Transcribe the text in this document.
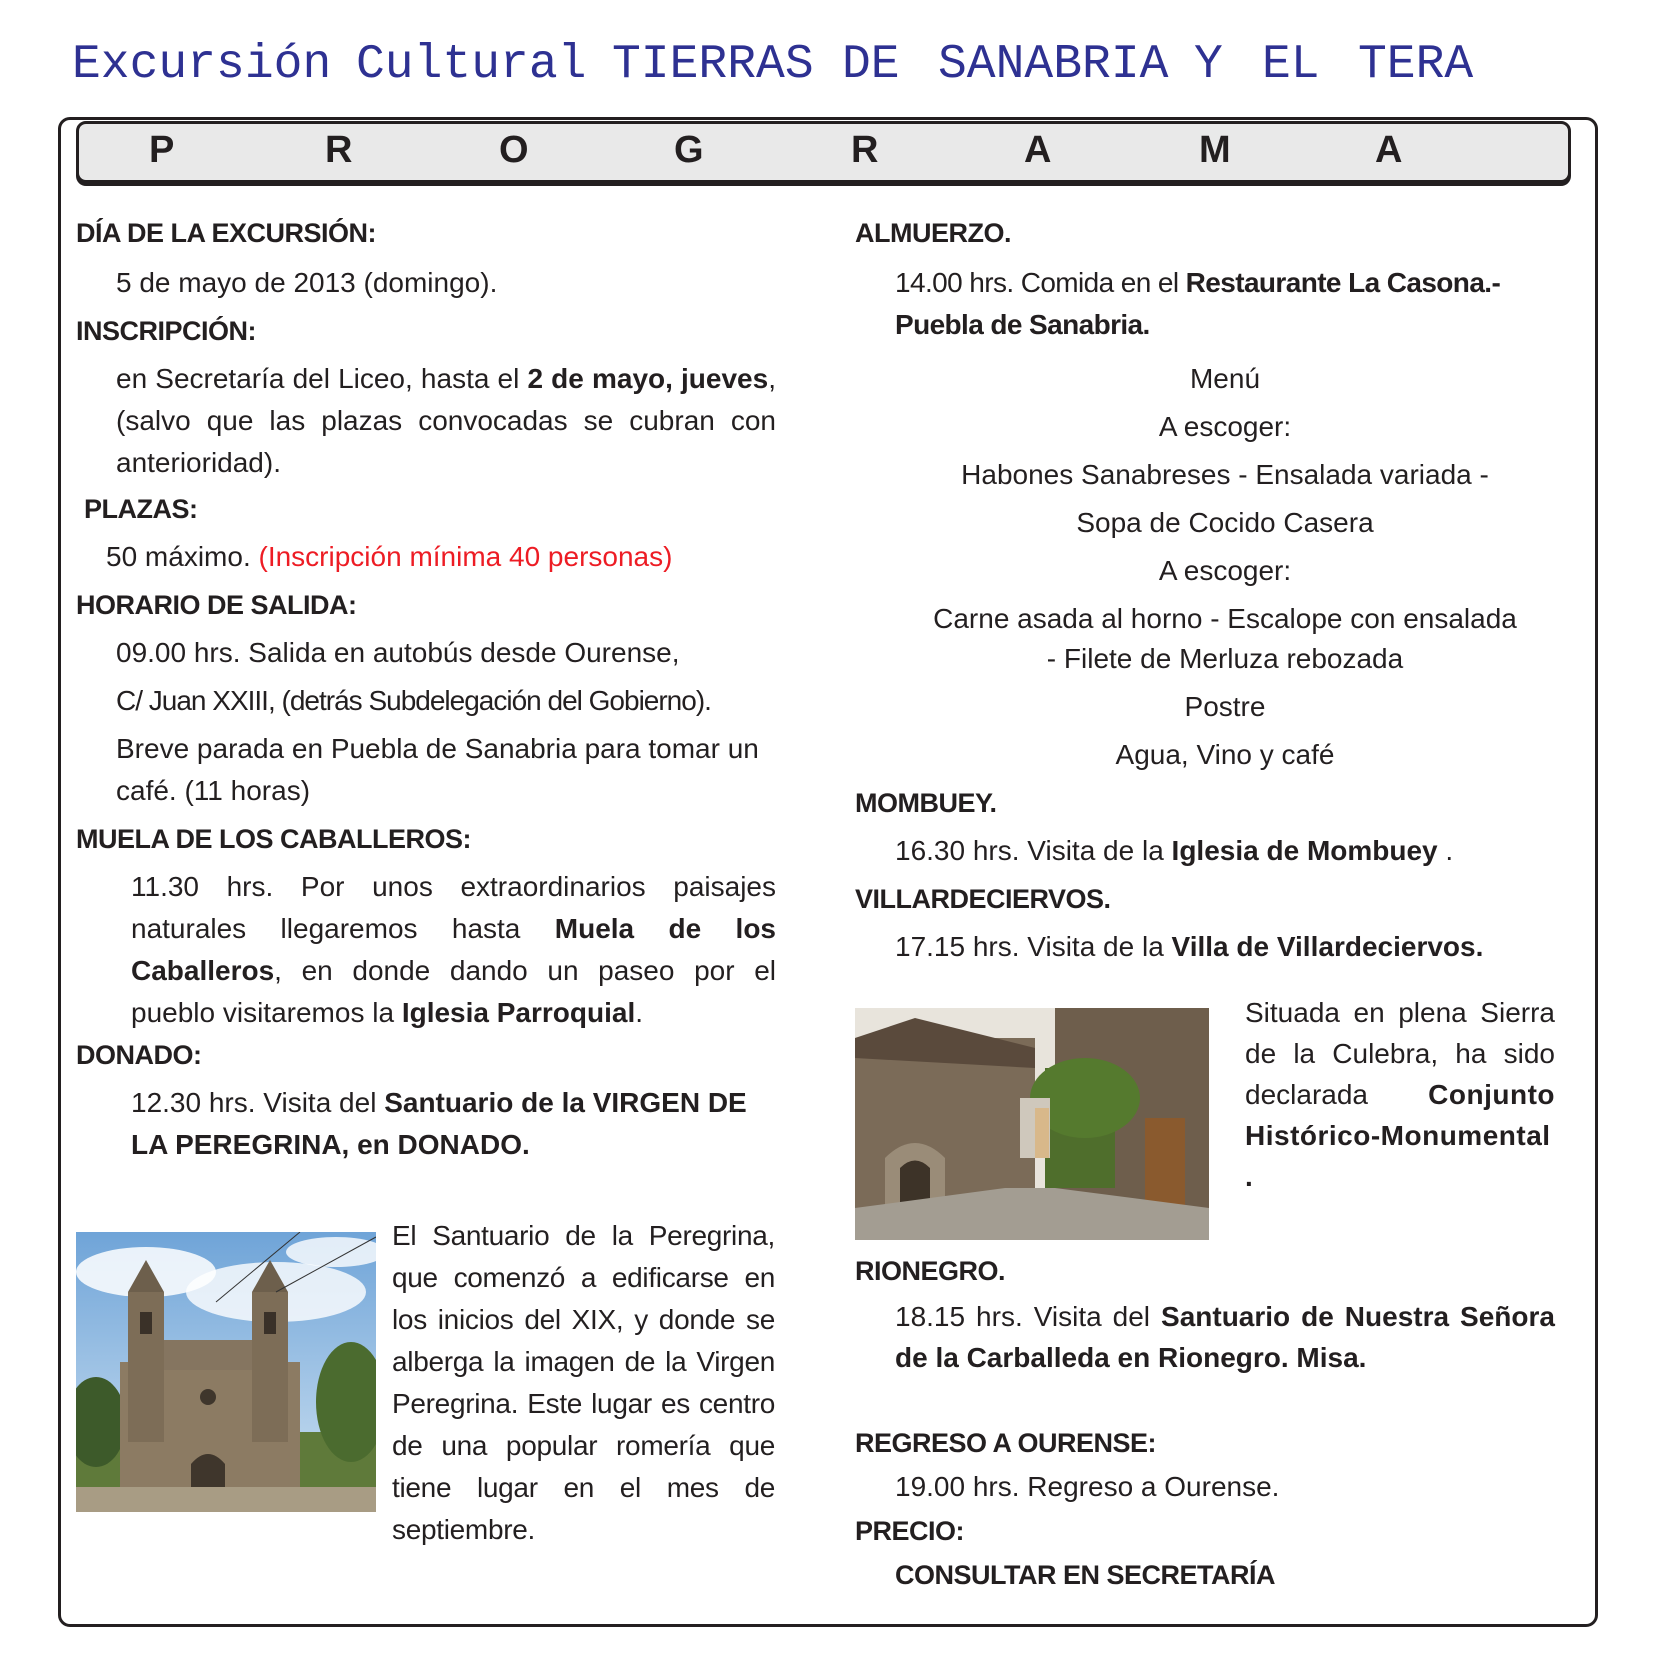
Excursión Cultural TIERRAS DE SANABRIA Y EL TERA
P	R	O	G	R	A	M	A
DÍA DE LA EXCURSIÓN:
5 de mayo de 2013 (domingo).
INSCRIPCIÓN:
en Secretaría del Liceo, hasta el 2 de mayo, jueves, (salvo que las plazas convocadas se cubran con anterioridad).
PLAZAS:
50 máximo. (Inscripción mínima 40 personas)
HORARIO DE SALIDA:
09.00 hrs. Salida en autobús desde Ourense,
C/ Juan XXIII, (detrás Subdelegación del Gobierno).
Breve parada en Puebla de Sanabria para tomar un café. (11 horas)
MUELA DE LOS CABALLEROS:
11.30 hrs. Por unos extraordinarios paisajes naturales llegaremos hasta Muela de los Caballeros, en donde dando un paseo por el pueblo visitaremos la Iglesia Parroquial.
DONADO:
12.30 hrs. Visita del Santuario de la VIRGEN DE LA PEREGRINA, en DONADO.
El Santuario de la Peregrina, que comenzó a edificarse en los inicios del XIX, y donde se alberga la imagen de la Virgen Peregrina. Este lugar es centro de una popular romería que tiene lugar en el mes de septiembre.
ALMUERZO.
14.00 hrs. Comida en el Restaurante La Casona.- Puebla de Sanabria.
Menú
A escoger:
Habones Sanabreses - Ensalada variada -
Sopa de Cocido Casera
A escoger:
Carne asada al horno - Escalope con ensalada
- Filete de Merluza rebozada
Postre
Agua, Vino y café
MOMBUEY.
16.30 hrs. Visita de la Iglesia de Mombuey .
VILLARDECIERVOS.
17.15 hrs. Visita de la Villa de Villardeciervos.
Situada en plena Sierra de la Culebra, ha sido declarada Conjunto Histórico-Monumental .
RIONEGRO.
18.15 hrs. Visita del Santuario de Nuestra Señora de la Carballeda en Rionegro. Misa.
REGRESO A OURENSE:
19.00 hrs. Regreso a Ourense.
PRECIO:
CONSULTAR EN SECRETARÍA
